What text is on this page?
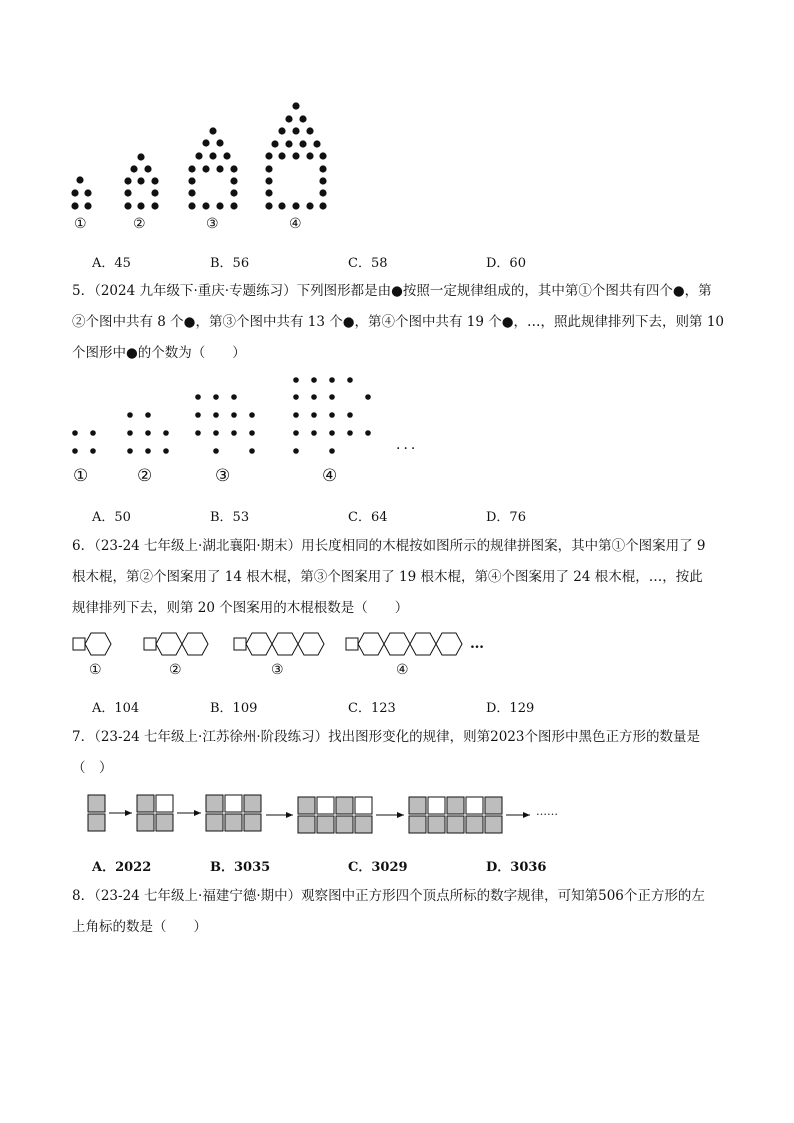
①	②	③	④
A．45	B．56	C．58	D．60
5．（2024 九年级下·重庆·专题练习）下列图形都是由●按照一定规律组成的，其中第①个图共有四个●，第
②个图中共有 8 个●，第③个图中共有 13 个●，第④个图中共有 19 个●，…，照此规律排列下去，则第 10
个图形中●的个数为（　　）
···
①	②	③	④
A．50	B．53	C．64	D．76
6．（23-24 七年级上·湖北襄阳·期末）用长度相同的木棍按如图所示的规律拼图案，其中第①个图案用了 9
根木棍，第②个图案用了 14 根木棍，第③个图案用了 19 根木棍，第④个图案用了 24 根木棍，…，按此
规律排列下去，则第 20 个图案用的木棍根数是（　　）
…
①	②	③	④
A．104	B．109	C．123	D．129
7．（23-24 七年级上·江苏徐州·阶段练习）找出图形变化的规律，则第2023个图形中黑色正方形的数量是
（　）
……
A．2022	B．3035	C．3029	D．3036
8．（23-24 七年级上·福建宁德·期中）观察图中正方形四个顶点所标的数字规律，可知第506个正方形的左
上角标的数是（　　）
